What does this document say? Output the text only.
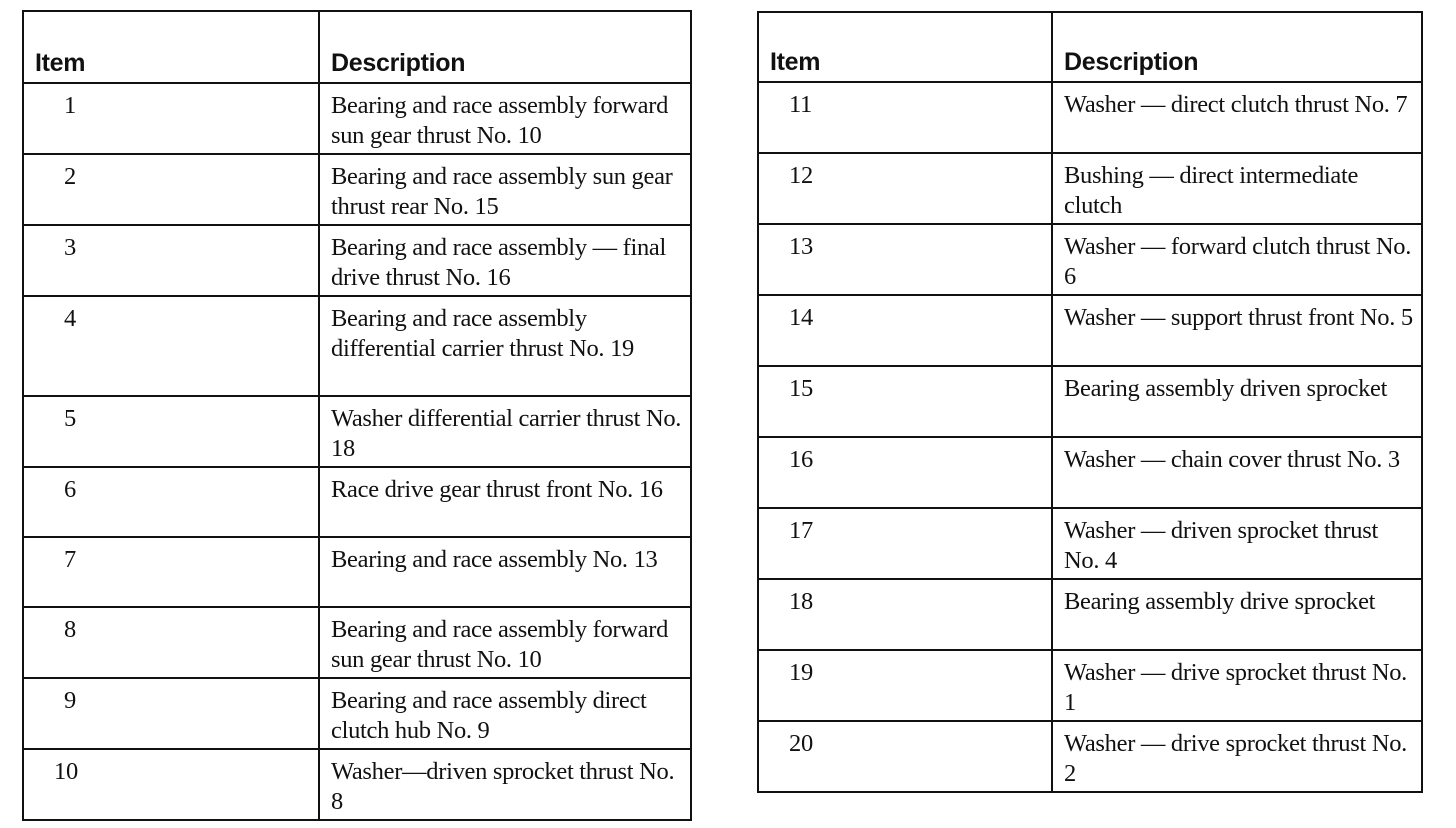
Item	Description
1	Bearing and race assembly forward sun gear thrust No. 10
2	Bearing and race assembly sun gear thrust rear No. 15
3	Bearing and race assembly — final drive thrust No. 16
4	Bearing and race assembly differential carrier thrust No. 19
5	Washer differential carrier thrust No. 18
6	Race drive gear thrust front No. 16
7	Bearing and race assembly No. 13
8	Bearing and race assembly forward sun gear thrust No. 10
9	Bearing and race assembly direct clutch hub No. 9
10	Washer—driven sprocket thrust No. 8
Item	Description
11	Washer — direct clutch thrust No. 7
12	Bushing — direct intermediate clutch
13	Washer — forward clutch thrust No. 6
14	Washer — support thrust front No. 5
15	Bearing assembly driven sprocket
16	Washer — chain cover thrust No. 3
17	Washer — driven sprocket thrust No. 4
18	Bearing assembly drive sprocket
19	Washer — drive sprocket thrust No. 1
20	Washer — drive sprocket thrust No. 2
